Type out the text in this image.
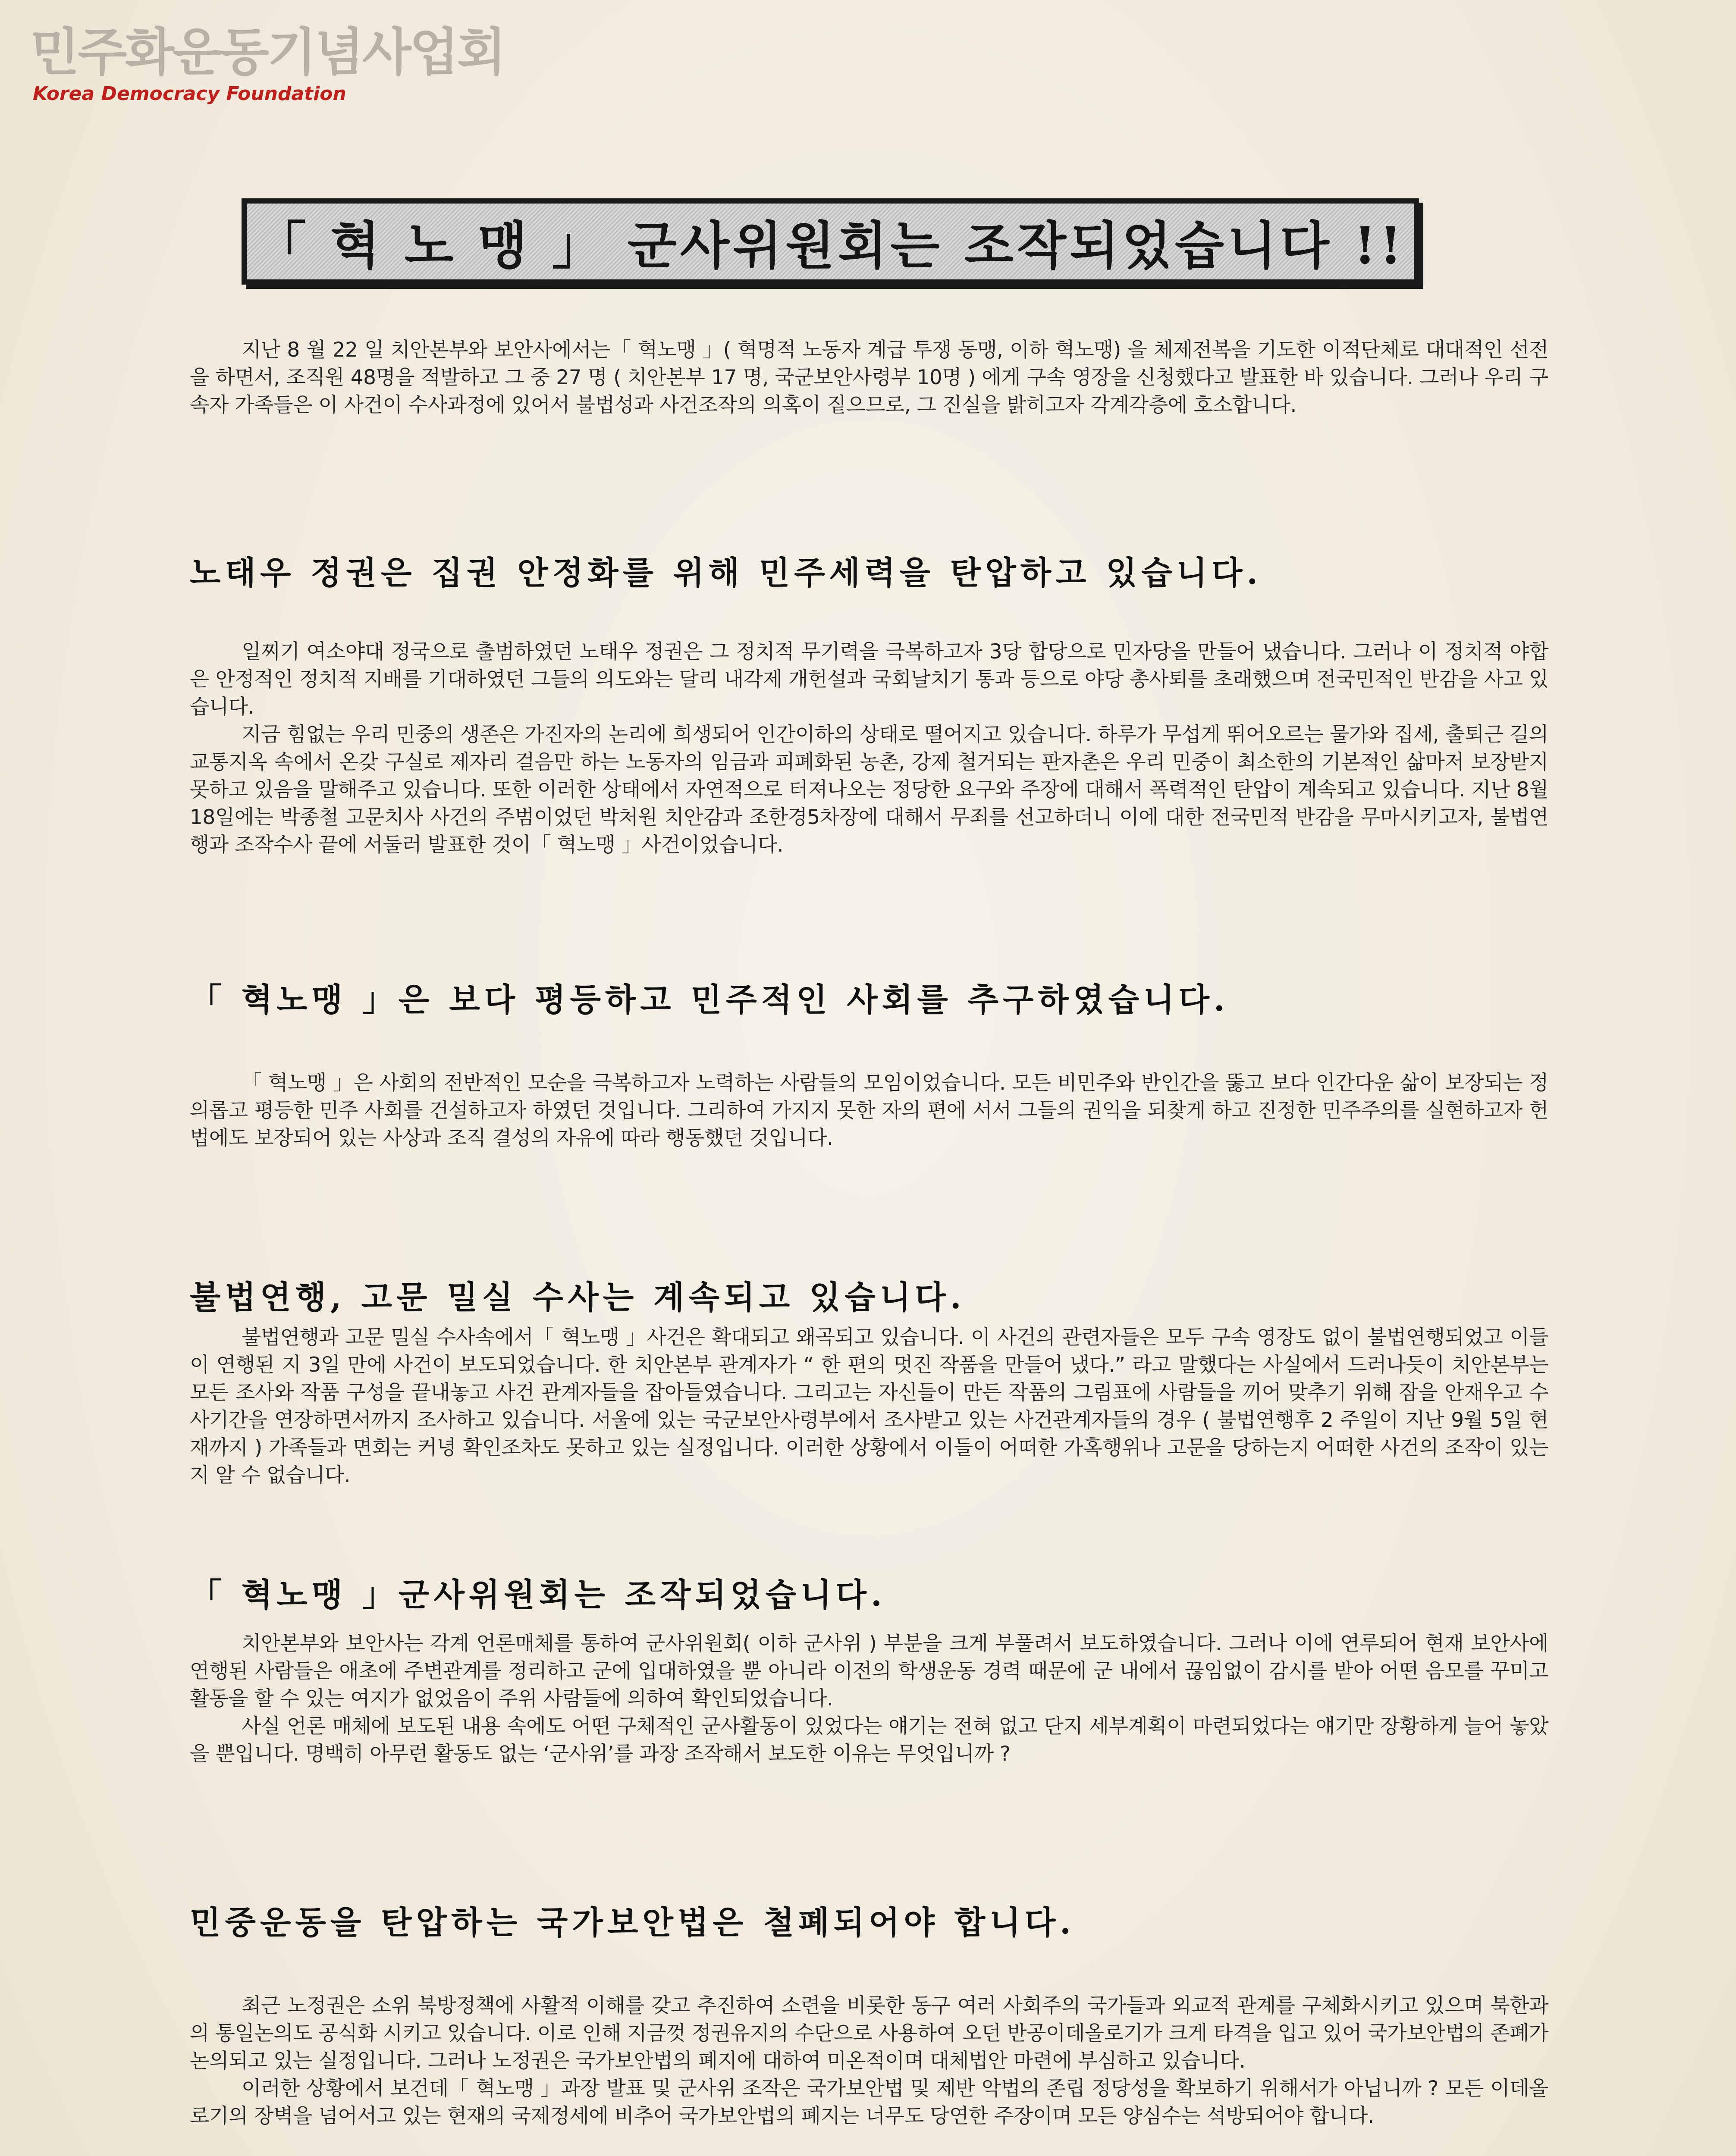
민주화운동기념사업회
Korea Democracy Foundation
「 혁 노 맹 」 군사위원회는 조작되었습니다 !!

지난 8 월 22 일 치안본부와 보안사에서는「 혁노맹 」( 혁명적 노동자 계급 투쟁 동맹, 이하 혁노맹) 을 체제전복을 기도한 이적단체로 대대적인 선전을 하면서, 조직원 48명을 적발하고 그 중 27 명 ( 치안본부 17 명, 국군보안사령부 10명 ) 에게 구속 영장을 신청했다고 발표한 바 있습니다. 그러나 우리 구속자 가족들은 이 사건이 수사과정에 있어서 불법성과 사건조작의 의혹이 짙으므로, 그 진실을 밝히고자 각계각층에 호소합니다.

노태우 정권은 집권 안정화를 위해 민주세력을 탄압하고 있습니다.

일찌기 여소야대 정국으로 출범하였던 노태우 정권은 그 정치적 무기력을 극복하고자 3당 합당으로 민자당을 만들어 냈습니다. 그러나 이 정치적 야합은 안정적인 정치적 지배를 기대하였던 그들의 의도와는 달리 내각제 개헌설과 국회날치기 통과 등으로 야당 총사퇴를 초래했으며 전국민적인 반감을 사고 있습니다.

지금 힘없는 우리 민중의 생존은 가진자의 논리에 희생되어 인간이하의 상태로 떨어지고 있습니다. 하루가 무섭게 뛰어오르는 물가와 집세, 출퇴근 길의 교통지옥 속에서 온갖 구실로 제자리 걸음만 하는 노동자의 임금과 피폐화된 농촌, 강제 철거되는 판자촌은 우리 민중이 최소한의 기본적인 삶마저 보장받지 못하고 있음을 말해주고 있습니다. 또한 이러한 상태에서 자연적으로 터져나오는 정당한 요구와 주장에 대해서 폭력적인 탄압이 계속되고 있습니다. 지난 8월 18일에는 박종철 고문치사 사건의 주범이었던 박처원 치안감과 조한경5차장에 대해서 무죄를 선고하더니 이에 대한 전국민적 반감을 무마시키고자, 불법연행과 조작수사 끝에 서둘러 발표한 것이「 혁노맹 」사건이었습니다.

「 혁노맹 」은 보다 평등하고 민주적인 사회를 추구하였습니다.

「 혁노맹 」은 사회의 전반적인 모순을 극복하고자 노력하는 사람들의 모임이었습니다. 모든 비민주와 반인간을 뚫고 보다 인간다운 삶이 보장되는 정의롭고 평등한 민주 사회를 건설하고자 하였던 것입니다. 그리하여 가지지 못한 자의 편에 서서 그들의 권익을 되찾게 하고 진정한 민주주의를 실현하고자 헌법에도 보장되어 있는 사상과 조직 결성의 자유에 따라 행동했던 것입니다.

불법연행, 고문 밀실 수사는 계속되고 있습니다.

불법연행과 고문 밀실 수사속에서「 혁노맹 」사건은 확대되고 왜곡되고 있습니다. 이 사건의 관련자들은 모두 구속 영장도 없이 불법연행되었고 이들이 연행된 지 3일 만에 사건이 보도되었습니다. 한 치안본부 관계자가 “ 한 편의 멋진 작품을 만들어 냈다.” 라고 말했다는 사실에서 드러나듯이 치안본부는 모든 조사와 작품 구성을 끝내놓고 사건 관계자들을 잡아들였습니다. 그리고는 자신들이 만든 작품의 그림표에 사람들을 끼어 맞추기 위해 잠을 안재우고 수사기간을 연장하면서까지 조사하고 있습니다. 서울에 있는 국군보안사령부에서 조사받고 있는 사건관계자들의 경우 ( 불법연행후 2 주일이 지난 9월 5일 현재까지 ) 가족들과 면회는 커녕 확인조차도 못하고 있는 실정입니다. 이러한 상황에서 이들이 어떠한 가혹행위나 고문을 당하는지 어떠한 사건의 조작이 있는지 알 수 없습니다.

「 혁노맹 」군사위원회는 조작되었습니다.

치안본부와 보안사는 각계 언론매체를 통하여 군사위원회( 이하 군사위 ) 부분을 크게 부풀려서 보도하였습니다. 그러나 이에 연루되어 현재 보안사에 연행된 사람들은 애초에 주변관계를 정리하고 군에 입대하였을 뿐 아니라 이전의 학생운동 경력 때문에 군 내에서 끊임없이 감시를 받아 어떤 음모를 꾸미고 활동을 할 수 있는 여지가 없었음이 주위 사람들에 의하여 확인되었습니다.

사실 언론 매체에 보도된 내용 속에도 어떤 구체적인 군사활동이 있었다는 얘기는 전혀 없고 단지 세부계획이 마련되었다는 얘기만 장황하게 늘어 놓았을 뿐입니다. 명백히 아무런 활동도 없는 ‘군사위’를 과장 조작해서 보도한 이유는 무엇입니까 ?

민중운동을 탄압하는 국가보안법은 철폐되어야 합니다.

최근 노정권은 소위 북방정책에 사활적 이해를 갖고 추진하여 소련을 비롯한 동구 여러 사회주의 국가들과 외교적 관계를 구체화시키고 있으며 북한과의 통일논의도 공식화 시키고 있습니다. 이로 인해 지금껏 정권유지의 수단으로 사용하여 오던 반공이데올로기가 크게 타격을 입고 있어 국가보안법의 존폐가 논의되고 있는 실정입니다. 그러나 노정권은 국가보안법의 폐지에 대하여 미온적이며 대체법안 마련에 부심하고 있습니다.

이러한 상황에서 보건데「 혁노맹 」과장 발표 및 군사위 조작은 국가보안법 및 제반 악법의 존립 정당성을 확보하기 위해서가 아닙니까 ? 모든 이데올로기의 장벽을 넘어서고 있는 현재의 국제정세에 비추어 국가보안법의 폐지는 너무도 당연한 주장이며 모든 양심수는 석방되어야 합니다.
